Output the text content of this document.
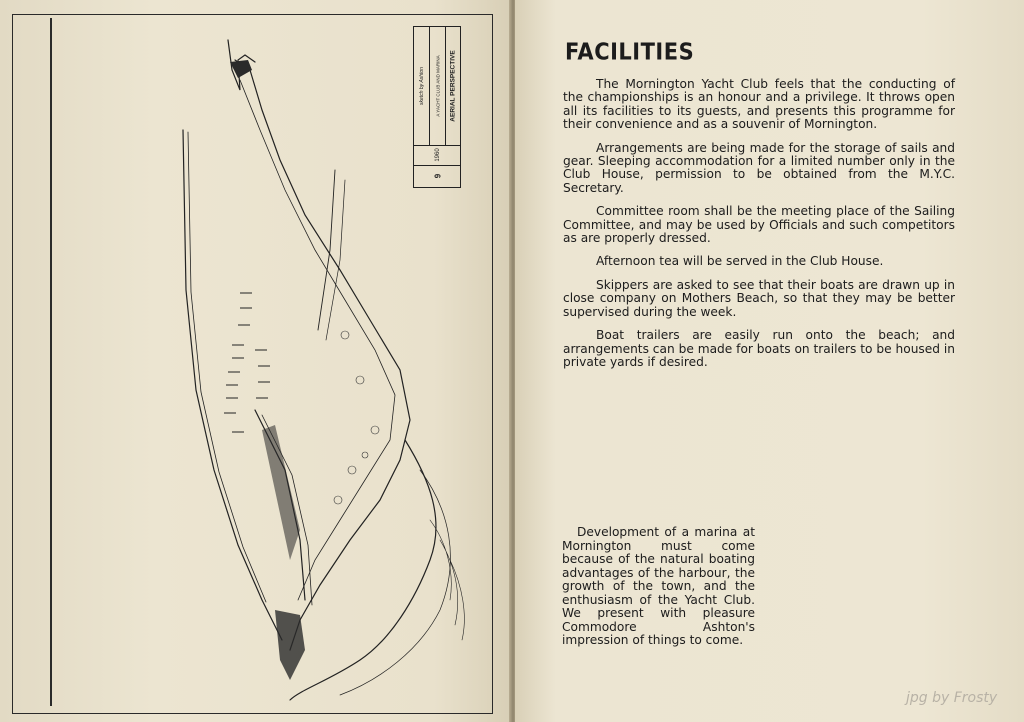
sketch by Ashton A YACHT CLUB AND MARINA AERIAL PERSPECTIVE
1960
9
FACILITIES

The Mornington Yacht Club feels that the conducting of the championships is an honour and a privilege. It throws open all its facilities to its guests, and presents this programme for their convenience and as a souvenir of Mornington.

Arrangements are being made for the storage of sails and gear. Sleeping accommodation for a limited number only in the Club House, permission to be obtained from the M.Y.C. Secretary.

Committee room shall be the meeting place of the Sailing Committee, and may be used by Officials and such competitors as are properly dressed.

Afternoon tea will be served in the Club House.

Skippers are asked to see that their boats are drawn up in close company on Mothers Beach, so that they may be better supervised during the week.

Boat trailers are easily run onto the beach; and arrangements can be made for boats on trailers to be housed in private yards if desired.

Development of a marina at Mornington must come because of the natural boating advantages of the harbour, the growth of the town, and the enthusiasm of the Yacht Club. We present with pleasure Commodore Ashton's impression of things to come.

jpg by Frosty
